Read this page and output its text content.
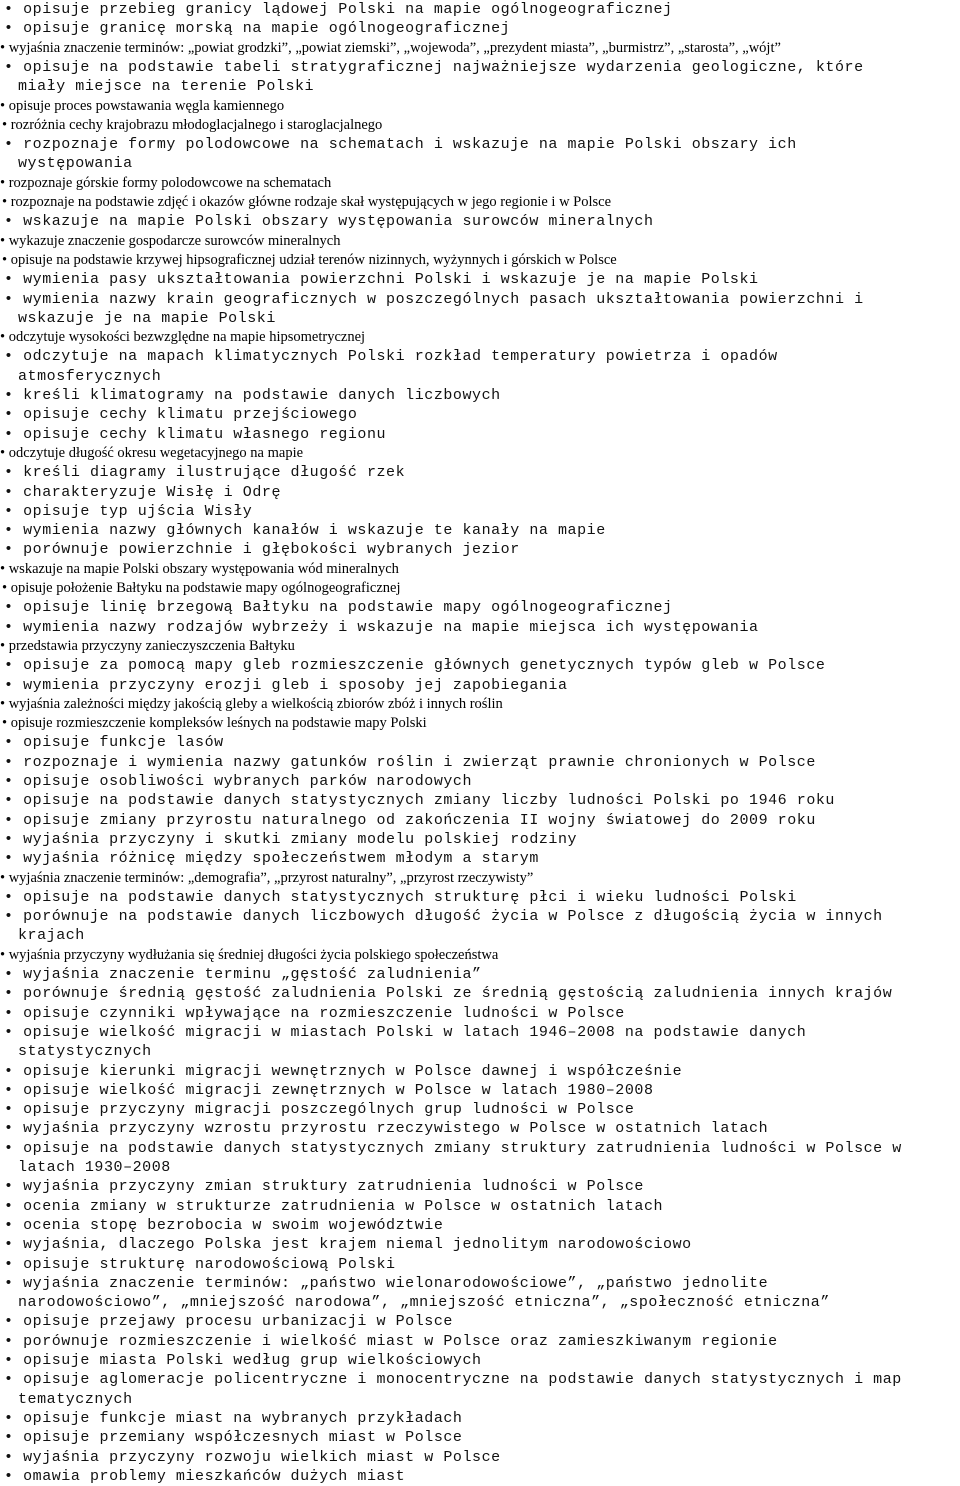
• opisuje przebieg granicy lądowej Polski na mapie ogólnogeograficznej
• opisuje granicę morską na mapie ogólnogeograficznej
• wyjaśnia znaczenie terminów: „powiat grodzki”, „powiat ziemski”, „wojewoda”, „prezydent miasta”, „burmistrz”, „starosta”, „wójt”
• opisuje na podstawie tabeli stratygraficznej najważniejsze wydarzenia geologiczne, które
miały miejsce na terenie Polski
• opisuje proces powstawania węgla kamiennego
• rozróżnia cechy krajobrazu młodoglacjalnego i staroglacjalnego
• rozpoznaje formy polodowcowe na schematach i wskazuje na mapie Polski obszary ich
występowania
• rozpoznaje górskie formy polodowcowe na schematach
• rozpoznaje na podstawie zdjęć i okazów główne rodzaje skał występujących w jego regionie i w Polsce
• wskazuje na mapie Polski obszary występowania surowców mineralnych
• wykazuje znaczenie gospodarcze surowców mineralnych
• opisuje na podstawie krzywej hipsograficznej udział terenów nizinnych, wyżynnych i górskich w Polsce
• wymienia pasy ukształtowania powierzchni Polski i wskazuje je na mapie Polski
• wymienia nazwy krain geograficznych w poszczególnych pasach ukształtowania powierzchni i
wskazuje je na mapie Polski
• odczytuje wysokości bezwzględne na mapie hipsometrycznej
• odczytuje na mapach klimatycznych Polski rozkład temperatury powietrza i opadów
atmosferycznych
• kreśli klimatogramy na podstawie danych liczbowych
• opisuje cechy klimatu przejściowego
• opisuje cechy klimatu własnego regionu
• odczytuje długość okresu wegetacyjnego na mapie
• kreśli diagramy ilustrujące długość rzek
• charakteryzuje Wisłę i Odrę
• opisuje typ ujścia Wisły
• wymienia nazwy głównych kanałów i wskazuje te kanały na mapie
• porównuje powierzchnie i głębokości wybranych jezior
• wskazuje na mapie Polski obszary występowania wód mineralnych
• opisuje położenie Bałtyku na podstawie mapy ogólnogeograficznej
• opisuje linię brzegową Bałtyku na podstawie mapy ogólnogeograficznej
• wymienia nazwy rodzajów wybrzeży i wskazuje na mapie miejsca ich występowania
• przedstawia przyczyny zanieczyszczenia Bałtyku
• opisuje za pomocą mapy gleb rozmieszczenie głównych genetycznych typów gleb w Polsce
• wymienia przyczyny erozji gleb i sposoby jej zapobiegania
• wyjaśnia zależności między jakością gleby a wielkością zbiorów zbóż i innych roślin
• opisuje rozmieszczenie kompleksów leśnych na podstawie mapy Polski
• opisuje funkcje lasów
• rozpoznaje i wymienia nazwy gatunków roślin i zwierząt prawnie chronionych w Polsce
• opisuje osobliwości wybranych parków narodowych
• opisuje na podstawie danych statystycznych zmiany liczby ludności Polski po 1946 roku
• opisuje zmiany przyrostu naturalnego od zakończenia II wojny światowej do 2009 roku
• wyjaśnia przyczyny i skutki zmiany modelu polskiej rodziny
• wyjaśnia różnicę między społeczeństwem młodym a starym
• wyjaśnia znaczenie terminów: „demografia”, „przyrost naturalny”, „przyrost rzeczywisty”
• opisuje na podstawie danych statystycznych strukturę płci i wieku ludności Polski
• porównuje na podstawie danych liczbowych długość życia w Polsce z długością życia w innych
krajach
• wyjaśnia przyczyny wydłużania się średniej długości życia polskiego społeczeństwa
• wyjaśnia znaczenie terminu „gęstość zaludnienia”
• porównuje średnią gęstość zaludnienia Polski ze średnią gęstością zaludnienia innych krajów
• opisuje czynniki wpływające na rozmieszczenie ludności w Polsce
• opisuje wielkość migracji w miastach Polski w latach 1946–2008 na podstawie danych
statystycznych
• opisuje kierunki migracji wewnętrznych w Polsce dawnej i współcześnie
• opisuje wielkość migracji zewnętrznych w Polsce w latach 1980–2008
• opisuje przyczyny migracji poszczególnych grup ludności w Polsce
• wyjaśnia przyczyny wzrostu przyrostu rzeczywistego w Polsce w ostatnich latach
• opisuje na podstawie danych statystycznych zmiany struktury zatrudnienia ludności w Polsce w
latach 1930–2008
• wyjaśnia przyczyny zmian struktury zatrudnienia ludności w Polsce
• ocenia zmiany w strukturze zatrudnienia w Polsce w ostatnich latach
• ocenia stopę bezrobocia w swoim województwie
• wyjaśnia, dlaczego Polska jest krajem niemal jednolitym narodowościowo
• opisuje strukturę narodowościową Polski
• wyjaśnia znaczenie terminów: „państwo wielonarodowościowe”, „państwo jednolite
narodowościowo”, „mniejszość narodowa”, „mniejszość etniczna”, „społeczność etniczna”
• opisuje przejawy procesu urbanizacji w Polsce
• porównuje rozmieszczenie i wielkość miast w Polsce oraz zamieszkiwanym regionie
• opisuje miasta Polski według grup wielkościowych
• opisuje aglomeracje policentryczne i monocentryczne na podstawie danych statystycznych i map
tematycznych
• opisuje funkcje miast na wybranych przykładach
• opisuje przemiany współczesnych miast w Polsce
• wyjaśnia przyczyny rozwoju wielkich miast w Polsce
• omawia problemy mieszkańców dużych miast
